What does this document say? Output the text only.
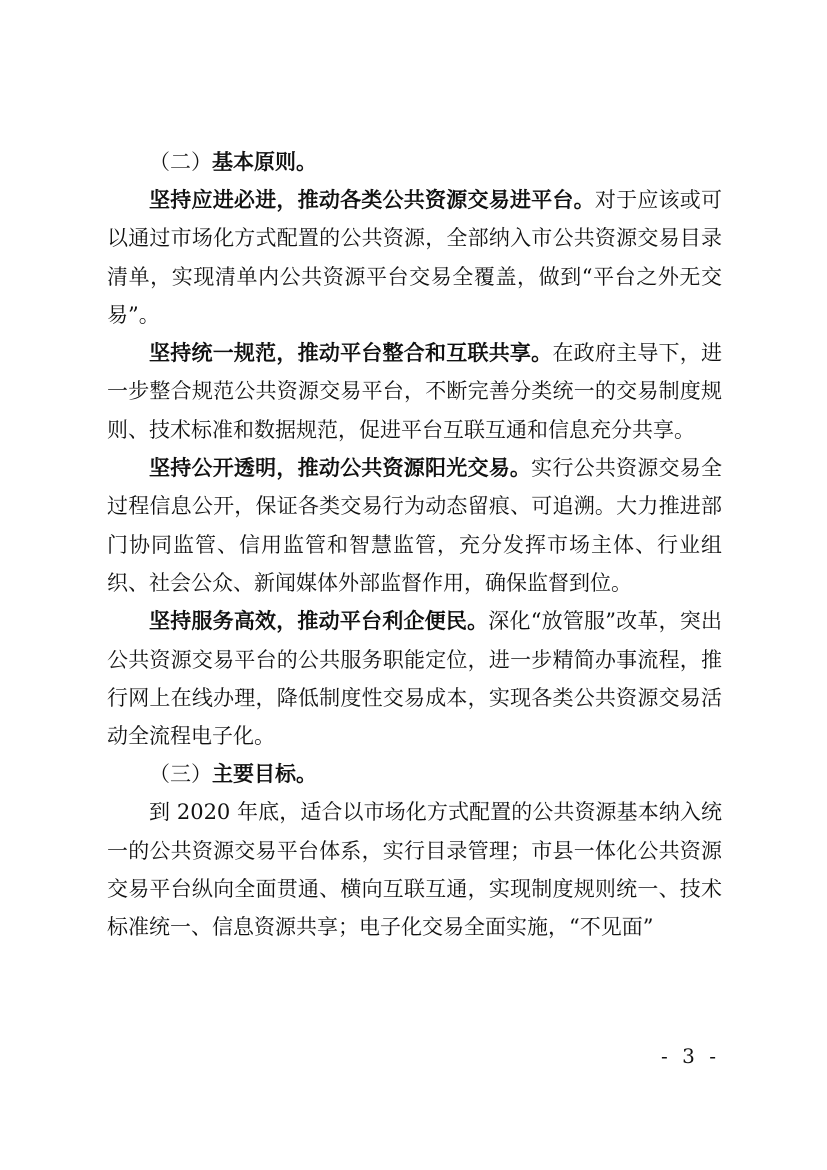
（二）基本原则。

坚持应进必进，推动各类公共资源交易进平台。对于应该或可以通过市场化方式配置的公共资源，全部纳入市公共资源交易目录清单，实现清单内公共资源平台交易全覆盖，做到“平台之外无交易”。

坚持统一规范，推动平台整合和互联共享。在政府主导下，进一步整合规范公共资源交易平台，不断完善分类统一的交易制度规则、技术标准和数据规范，促进平台互联互通和信息充分共享。

坚持公开透明，推动公共资源阳光交易。实行公共资源交易全过程信息公开，保证各类交易行为动态留痕、可追溯。大力推进部门协同监管、信用监管和智慧监管，充分发挥市场主体、行业组织、社会公众、新闻媒体外部监督作用，确保监督到位。

坚持服务高效，推动平台利企便民。深化“放管服”改革，突出公共资源交易平台的公共服务职能定位，进一步精简办事流程，推行网上在线办理，降低制度性交易成本，实现各类公共资源交易活动全流程电子化。

（三）主要目标。

到 2020 年底，适合以市场化方式配置的公共资源基本纳入统一的公共资源交易平台体系，实行目录管理；市县一体化公共资源交易平台纵向全面贯通、横向互联互通，实现制度规则统一、技术标准统一、信息资源共享；电子化交易全面实施，“不见面”

- 3 -
